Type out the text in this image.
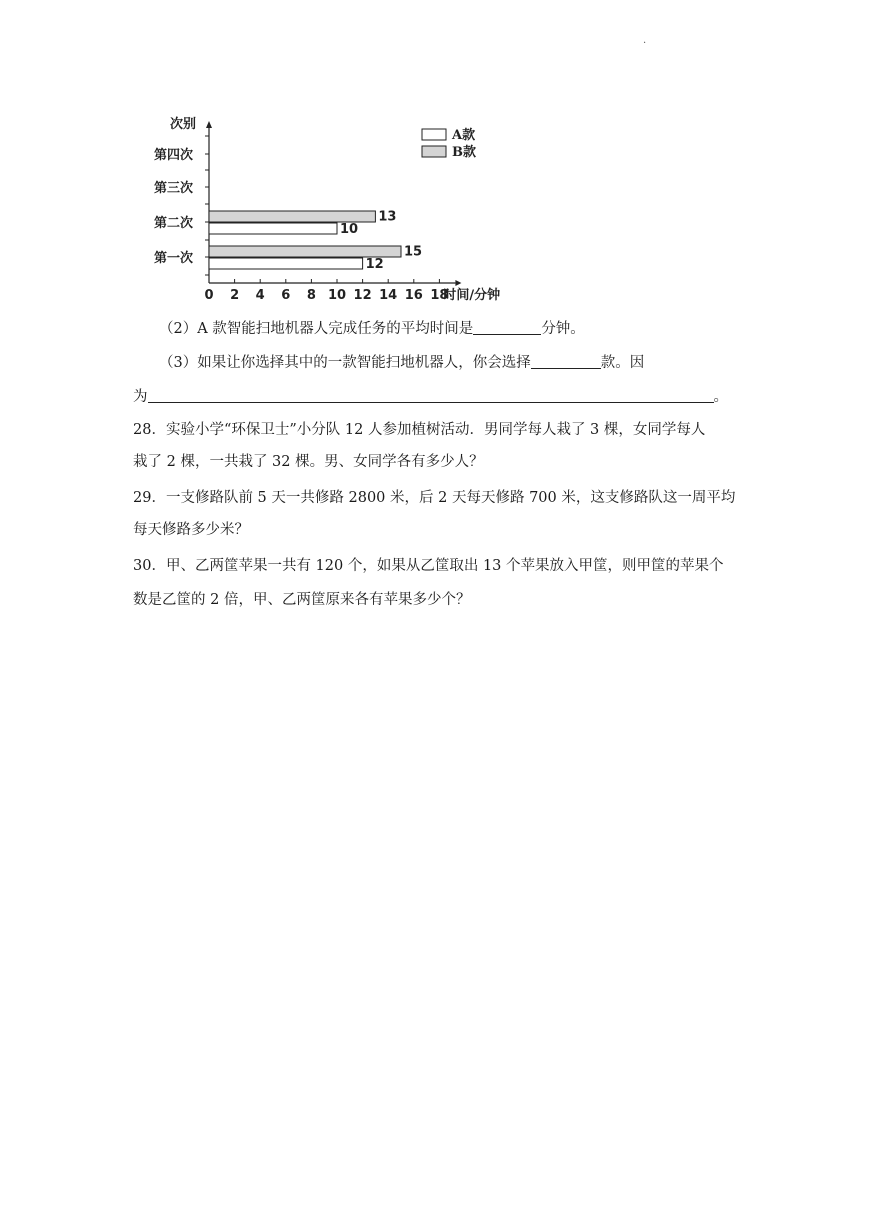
.
次别
第一次
第二次
第三次
第四次
0 2 4 6 8 10 12 14 16 18
时间/分钟
15
12
13
10
A款
B款
（2）A 款智能扫地机器人完成任务的平均时间是	分钟。
（3）如果让你选择其中的一款智能扫地机器人，你会选择	款。因
为	。
28．实验小学“环保卫士”小分队 12 人参加植树活动．男同学每人栽了 3 棵，女同学每人
栽了 2 棵，一共栽了 32 棵。男、女同学各有多少人？
29．一支修路队前 5 天一共修路 2800 米，后 2 天每天修路 700 米，这支修路队这一周平均
每天修路多少米？
30．甲、乙两筐苹果一共有 120 个，如果从乙筐取出 13 个苹果放入甲筐，则甲筐的苹果个
数是乙筐的 2 倍，甲、乙两筐原来各有苹果多少个？
